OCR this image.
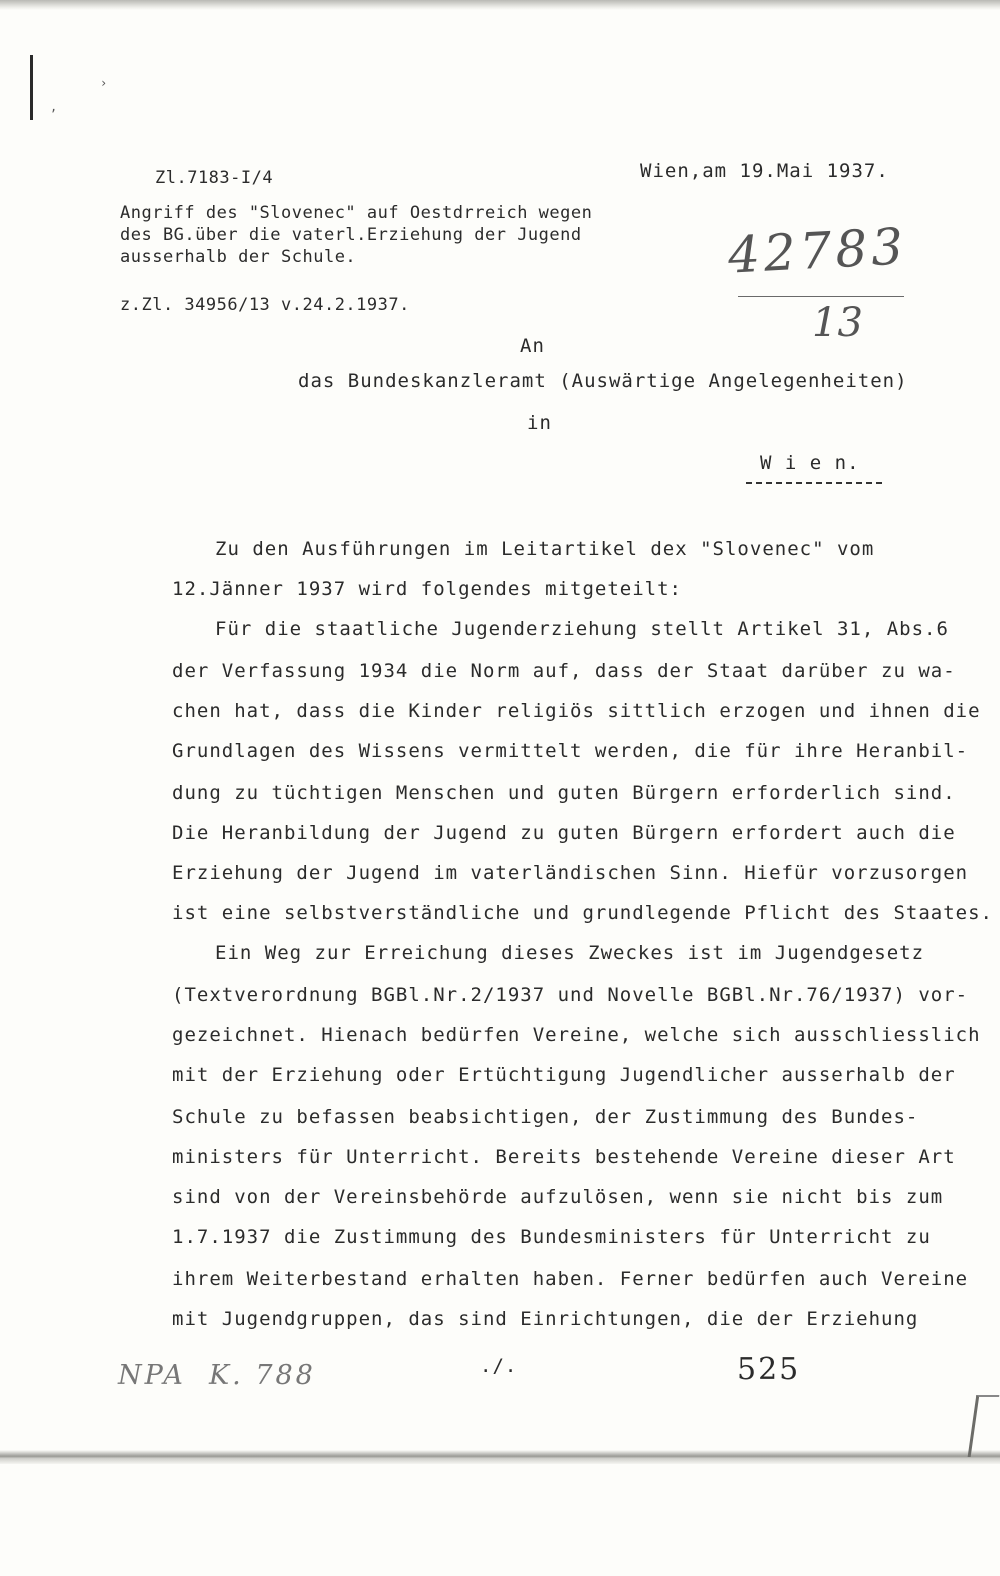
›
,
Zl.7183-I/4	Wien,am 19.Mai 1937.
Angriff des "Slovenec" auf Oestdrreich wegen
des BG.über die vaterl.Erziehung der Jugend
ausserhalb der Schule.
z.Zl. 34956/13 v.24.2.1937.
42783
13
An
das Bundeskanzleramt (Auswärtige Angelegenheiten)
in
W i e n.
Zu den Ausführungen im Leitartikel dex "Slovenec" vom
12.Jänner 1937 wird folgendes mitgeteilt:
Für die staatliche Jugenderziehung stellt Artikel 31, Abs.6
der Verfassung 1934 die Norm auf, dass der Staat darüber zu wa-
chen hat, dass die Kinder religiös sittlich erzogen und ihnen die
Grundlagen des Wissens vermittelt werden, die für ihre Heranbil-
dung zu tüchtigen Menschen und guten Bürgern erforderlich sind.
Die Heranbildung der Jugend zu guten Bürgern erfordert auch die
Erziehung der Jugend im vaterländischen Sinn. Hiefür vorzusorgen
ist eine selbstverständliche und grundlegende Pflicht des Staates.
Ein Weg zur Erreichung dieses Zweckes ist im Jugendgesetz
(Textverordnung BGBl.Nr.2/1937 und Novelle BGBl.Nr.76/1937) vor-
gezeichnet. Hienach bedürfen Vereine, welche sich ausschliesslich
mit der Erziehung oder Ertüchtigung Jugendlicher ausserhalb der
Schule zu befassen beabsichtigen, der Zustimmung des Bundes-
ministers für Unterricht. Bereits bestehende Vereine dieser Art
sind von der Vereinsbehörde aufzulösen, wenn sie nicht bis zum
1.7.1937 die Zustimmung des Bundesministers für Unterricht zu
ihrem Weiterbestand erhalten haben. Ferner bedürfen auch Vereine
mit Jugendgruppen, das sind Einrichtungen, die der Erziehung
NPA  K. 788	./.	525
